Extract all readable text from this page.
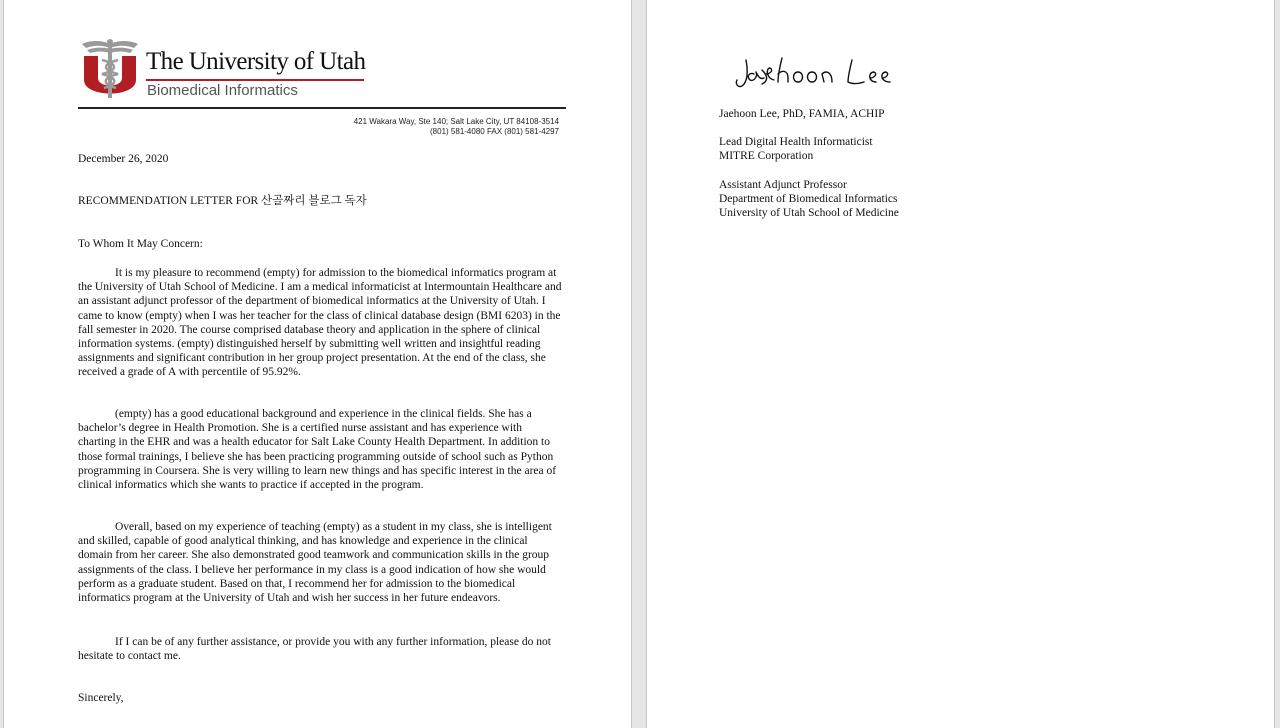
The University of Utah
Biomedical Informatics
421 Wakara Way, Ste 140; Salt Lake City, UT 84108-3514
(801) 581-4080 FAX (801) 581-4297
December 26, 2020
RECOMMENDATION LETTER FOR 산골짜리 블로그 독자
To Whom It May Concern:

It is my pleasure to recommend (empty) for admission to the biomedical informatics program at the University of Utah School of Medicine. I am a medical informaticist at Intermountain Healthcare and an assistant adjunct professor of the department of biomedical informatics at the University of Utah. I came to know (empty) when I was her teacher for the class of clinical database design (BMI 6203) in the fall semester in 2020. The course comprised database theory and application in the sphere of clinical information systems. (empty) distinguished herself by submitting well written and insightful reading assignments and significant contribution in her group project presentation. At the end of the class, she received a grade of A with percentile of 95.92%.

(empty) has a good educational background and experience in the clinical fields. She has a bachelor’s degree in Health Promotion. She is a certified nurse assistant and has experience with charting in the EHR and was a health educator for Salt Lake County Health Department. In addition to those formal trainings, I believe she has been practicing programming outside of school such as Python programming in Coursera. She is very willing to learn new things and has specific interest in the area of clinical informatics which she wants to practice if accepted in the program.

Overall, based on my experience of teaching (empty) as a student in my class, she is intelligent and skilled, capable of good analytical thinking, and has knowledge and experience in the clinical domain from her career. She also demonstrated good teamwork and communication skills in the group assignments of the class. I believe her performance in my class is a good indication of how she would perform as a graduate student. Based on that, I recommend her for admission to the biomedical informatics program at the University of Utah and wish her success in her future endeavors.

If I can be of any further assistance, or provide you with any further information, please do not hesitate to contact me.

Sincerely,
Jaehoon Lee, PhD, FAMIA, ACHIP
Lead Digital Health Informaticist
MITRE Corporation
Assistant Adjunct Professor
Department of Biomedical Informatics
University of Utah School of Medicine
